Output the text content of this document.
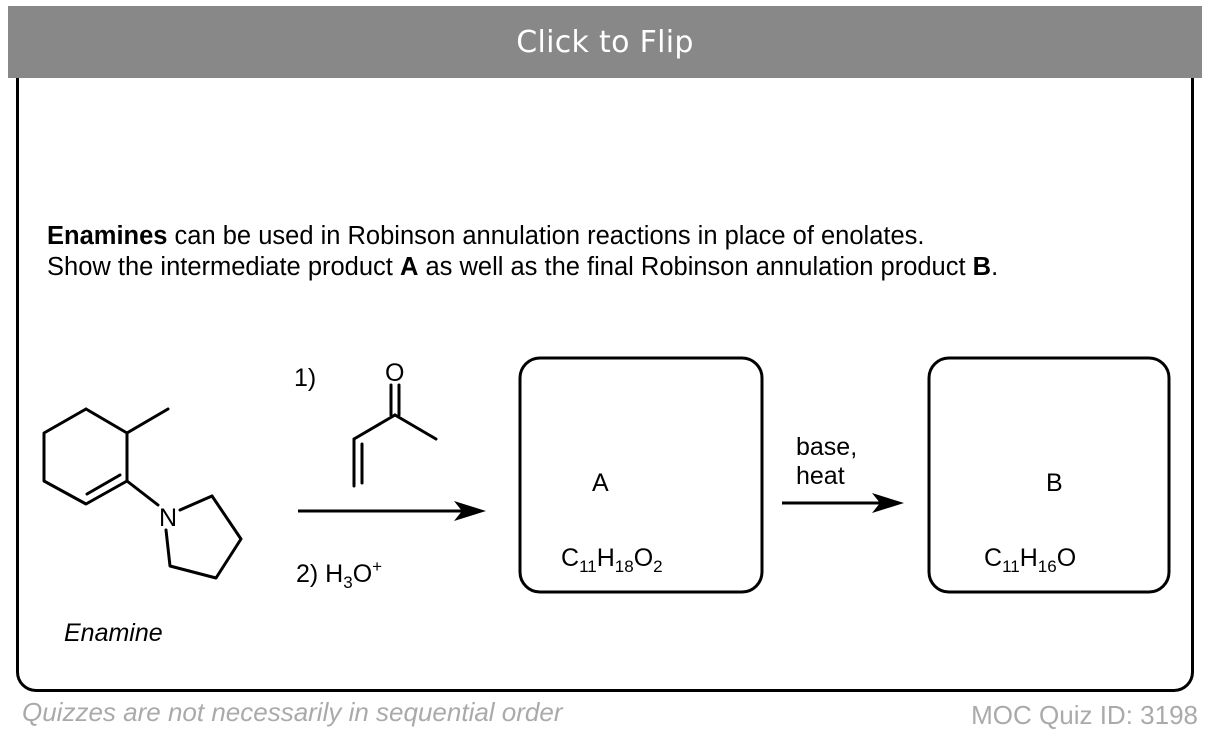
Click to Flip
Enamines can be used in Robinson annulation reactions in place of enolates.
Show the intermediate product A as well as the final Robinson annulation product B.
N
Enamine
O
1)
2) $H_3O^+$
A
$C_{11}H_{18}O_2$
base,
heat	B
$C_{11}H_{16}O$
Quizzes are not necessarily in sequential order	MOC Quiz ID: 3198
